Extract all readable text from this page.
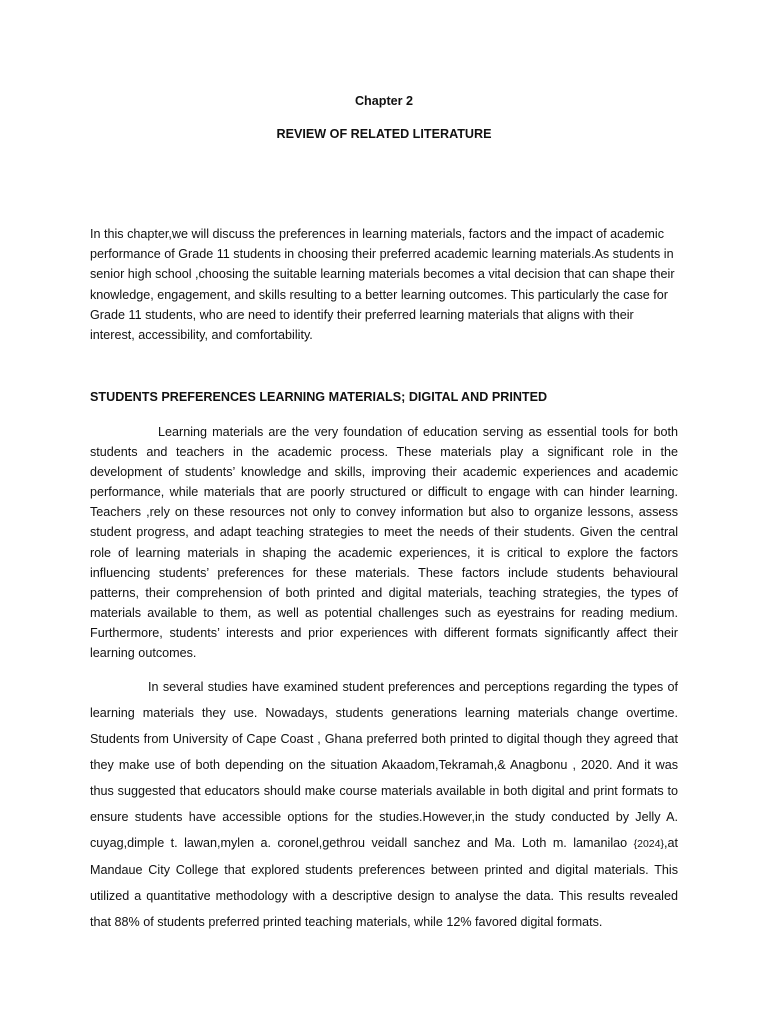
Chapter 2
REVIEW OF RELATED LITERATURE

In this chapter,we will discuss the preferences in learning materials, factors and the impact of academic performance of Grade 11 students in choosing their preferred academic learning materials.As students in senior high school ,choosing the suitable learning materials becomes a vital decision that can shape their knowledge, engagement, and skills resulting to a better learning outcomes. This particularly the case for Grade 11 students, who are need to identify their preferred learning materials that aligns with their interest, accessibility, and comfortability.

STUDENTS PREFERENCES LEARNING MATERIALS; DIGITAL AND PRINTED

Learning materials are the very foundation of education serving as essential tools for both students and teachers in the academic process. These materials play a significant role in the development of students’ knowledge and skills, improving their academic experiences and academic performance, while materials that are poorly structured or difficult to engage with can hinder learning. Teachers ,rely on these resources not only to convey information but also to organize lessons, assess student progress, and adapt teaching strategies to meet the needs of their students. Given the central role of learning materials in shaping the academic experiences, it is critical to explore the factors influencing students’ preferences for these materials. These factors include students behavioural patterns, their comprehension of both printed and digital materials, teaching strategies, the types of materials available to them, as well as potential challenges such as eyestrains for reading medium. Furthermore, students’ interests and prior experiences with different formats significantly affect their learning outcomes.

In several studies have examined student preferences and perceptions regarding the types of learning materials they use. Nowadays, students generations learning materials change overtime. Students from University of Cape Coast , Ghana preferred both printed to digital though they agreed that they make use of both depending on the situation Akaadom,Tekramah,& Anagbonu , 2020. And it was thus suggested that educators should make course materials available in both digital and print formats to ensure students have accessible options for the studies.However,in the study conducted by Jelly A. cuyag,dimple t. lawan,mylen a. coronel,gethrou veidall sanchez and Ma. Loth m. lamanilao {2024},at Mandaue City College that explored students preferences between printed and digital materials. This utilized a quantitative methodology with a descriptive design to analyse the data. This results revealed that 88% of students preferred printed teaching materials, while 12% favored digital formats.
